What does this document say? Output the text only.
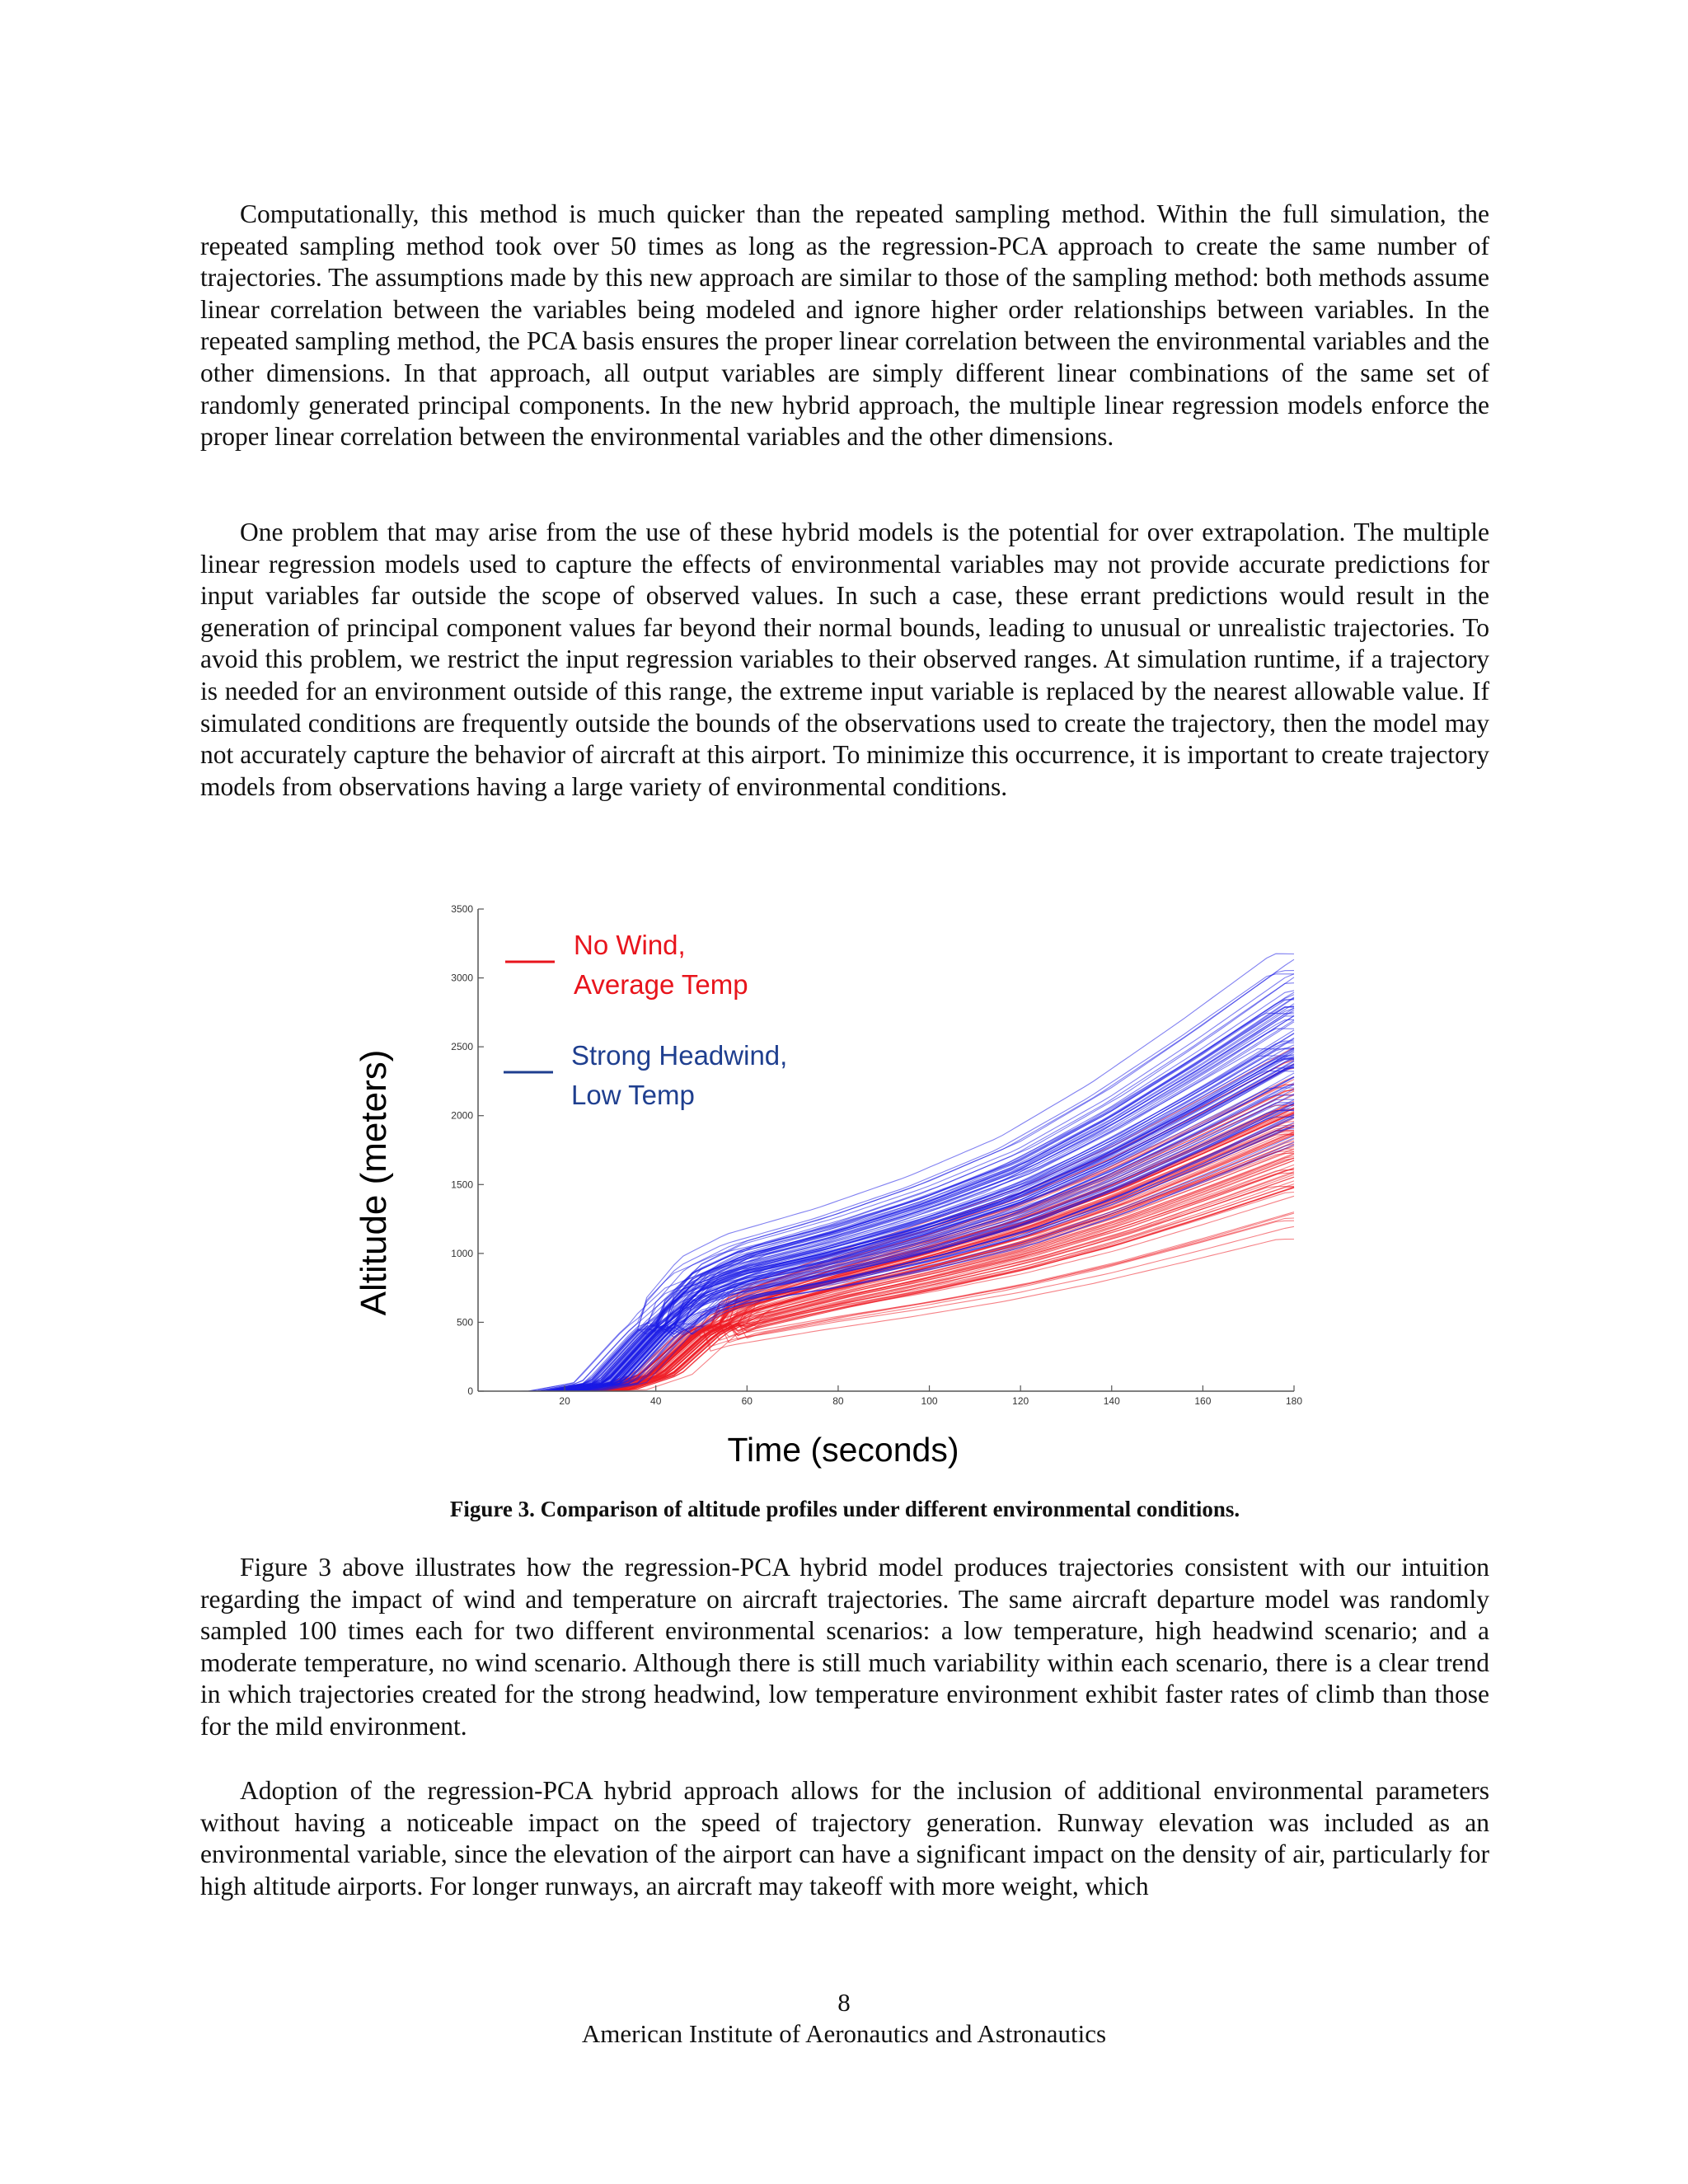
Computationally, this method is much quicker than the repeated sampling method. Within the full simulation, the repeated sampling method took over 50 times as long as the regression-PCA approach to create the same number of trajectories. The assumptions made by this new approach are similar to those of the sampling method: both methods assume linear correlation between the variables being modeled and ignore higher order relationships between variables. In the repeated sampling method, the PCA basis ensures the proper linear correlation between the environmental variables and the other dimensions. In that approach, all output variables are simply different linear combinations of the same set of randomly generated principal components. In the new hybrid approach, the multiple linear regression models enforce the proper linear correlation between the environmental variables and the other dimensions.

One problem that may arise from the use of these hybrid models is the potential for over extrapolation. The multiple linear regression models used to capture the effects of environmental variables may not provide accurate predictions for input variables far outside the scope of observed values. In such a case, these errant predictions would result in the generation of principal component values far beyond their normal bounds, leading to unusual or unrealistic trajectories. To avoid this problem, we restrict the input regression variables to their observed ranges. At simulation runtime, if a trajectory is needed for an environment outside of this range, the extreme input variable is replaced by the nearest allowable value. If simulated conditions are frequently outside the bounds of the observations used to create the trajectory, then the model may not accurately capture the behavior of aircraft at this airport. To minimize this occurrence, it is important to create trajectory models from observations having a large variety of environmental conditions.

0
500
1000
1500
2000
2500
3000
3500
20	40	60	80	100	120	140	160	180
No Wind,
Average Temp
Strong Headwind,
Low Temp
Altitude (meters)
Time (seconds)
Figure 3. Comparison of altitude profiles under different environmental conditions.

Figure 3 above illustrates how the regression-PCA hybrid model produces trajectories consistent with our intuition regarding the impact of wind and temperature on aircraft trajectories. The same aircraft departure model was randomly sampled 100 times each for two different environmental scenarios: a low temperature, high headwind scenario; and a moderate temperature, no wind scenario. Although there is still much variability within each scenario, there is a clear trend in which trajectories created for the strong headwind, low temperature environment exhibit faster rates of climb than those for the mild environment.

Adoption of the regression-PCA hybrid approach allows for the inclusion of additional environmental parameters without having a noticeable impact on the speed of trajectory generation. Runway elevation was included as an environmental variable, since the elevation of the airport can have a significant impact on the density of air, particularly for high altitude airports. For longer runways, an aircraft may takeoff with more weight, which

8
American Institute of Aeronautics and Astronautics
